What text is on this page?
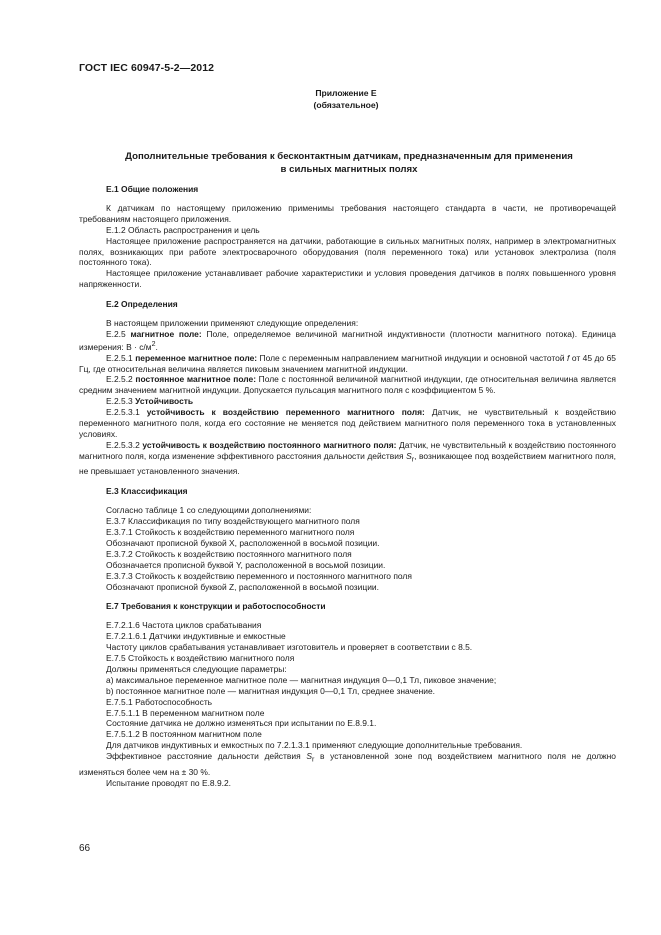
ГОСТ IEC 60947-5-2—2012
Приложение E
(обязательное)
Дополнительные требования к бесконтактным датчикам, предназначенным для применения
в сильных магнитных полях

E.1 Общие положения

К датчикам по настоящему приложению применимы требования настоящего стандарта в части, не противоречащей требованиям настоящего приложения.

E.1.2 Область распространения и цель

Настоящее приложение распространяется на датчики, работающие в сильных магнитных полях, например в электромагнитных полях, возникающих при работе электросварочного оборудования (поля переменного тока) или установок электролиза (поля постоянного тока).

Настоящее приложение устанавливает рабочие характеристики и условия проведения датчиков в полях повышенного уровня напряженности.

E.2 Определения

В настоящем приложении применяют следующие определения:

E.2.5 магнитное поле: Поле, определяемое величиной магнитной индуктивности (плотности магнитного потока). Единица измерения: $В \cdot с/м^2$.

E.2.5.1 переменное магнитное поле: Поле с переменным направлением магнитной индукции и основной частотой f от 45 до 65 Гц, где относительная величина является пиковым значением магнитной индукции.

E.2.5.2 постоянное магнитное поле: Поле с постоянной величиной магнитной индукции, где относительная величина является средним значением магнитной индукции. Допускается пульсация магнитного поля с коэффициентом 5 %.

E.2.5.3 Устойчивость

E.2.5.3.1 устойчивость к воздействию переменного магнитного поля: Датчик, не чувствительный к воздействию переменного магнитного поля, когда его состояние не меняется под действием магнитного поля переменного тока в установленных условиях.

E.2.5.3.2 устойчивость к воздействию постоянного магнитного поля: Датчик, не чувствительный к воздействию постоянного магнитного поля, когда изменение эффективного расстояния дальности действия $S_r$, возникающее под воздействием магнитного поля, не превышает установленного значения.

E.3 Классификация

Согласно таблице 1 со следующими дополнениями:

E.3.7 Классификация по типу воздействующего магнитного поля

E.3.7.1 Стойкость к воздействию переменного магнитного поля

Обозначают прописной буквой X, расположенной в восьмой позиции.

E.3.7.2 Стойкость к воздействию постоянного магнитного поля

Обозначается прописной буквой Y, расположенной в восьмой позиции.

E.3.7.3 Стойкость к воздействию переменного и постоянного магнитного поля

Обозначают прописной буквой Z, расположенной в восьмой позиции.

E.7 Требования к конструкции и работоспособности

E.7.2.1.6 Частота циклов срабатывания

E.7.2.1.6.1 Датчики индуктивные и емкостные

Частоту циклов срабатывания устанавливает изготовитель и проверяет в соответствии с 8.5.

E.7.5 Стойкость к воздействию магнитного поля

Должны применяться следующие параметры:

a) максимальное переменное магнитное поле — магнитная индукция 0—0,1 Тл, пиковое значение;

b) постоянное магнитное поле — магнитная индукция 0—0,1 Тл, среднее значение.

E.7.5.1 Работоспособность

E.7.5.1.1 В переменном магнитном поле

Состояние датчика не должно изменяться при испытании по E.8.9.1.

E.7.5.1.2 В постоянном магнитном поле

Для датчиков индуктивных и емкостных по 7.2.1.3.1 применяют следующие дополнительные требования.

Эффективное расстояние дальности действия $S_r$ в установленной зоне под воздействием магнитного поля не должно изменяться более чем на ± 30 %.

Испытание проводят по E.8.9.2.

66
